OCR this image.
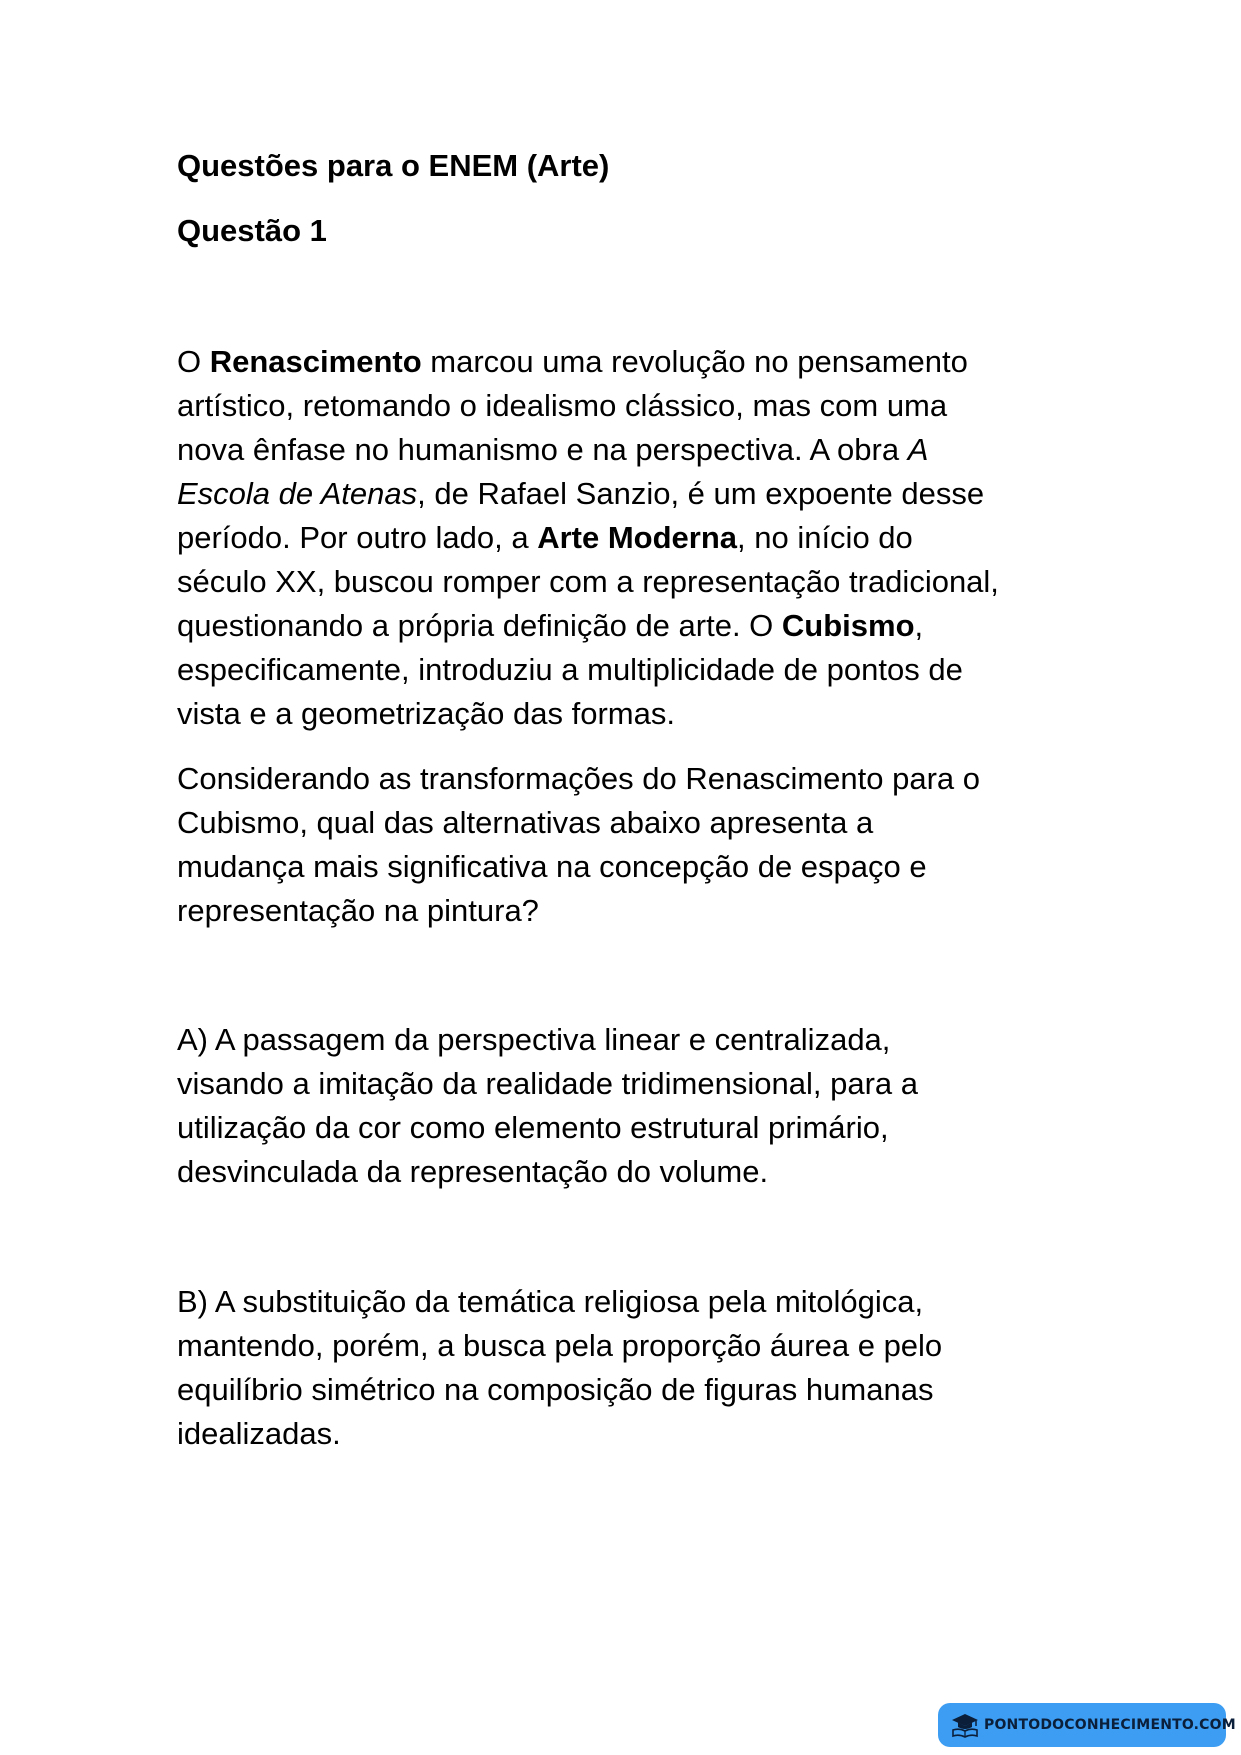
Questões para o ENEM (Arte)
Questão 1

O Renascimento marcou uma revolução no pensamento
artístico, retomando o idealismo clássico, mas com uma
nova ênfase no humanismo e na perspectiva. A obra A
Escola de Atenas, de Rafael Sanzio, é um expoente desse
período. Por outro lado, a Arte Moderna, no início do
século XX, buscou romper com a representação tradicional,
questionando a própria definição de arte. O Cubismo,
especificamente, introduziu a multiplicidade de pontos de
vista e a geometrização das formas.

Considerando as transformações do Renascimento para o
Cubismo, qual das alternativas abaixo apresenta a
mudança mais significativa na concepção de espaço e
representação na pintura?

A) A passagem da perspectiva linear e centralizada,
visando a imitação da realidade tridimensional, para a
utilização da cor como elemento estrutural primário,
desvinculada da representação do volume.

B) A substituição da temática religiosa pela mitológica,
mantendo, porém, a busca pela proporção áurea e pelo
equilíbrio simétrico na composição de figuras humanas
idealizadas.

PONTODOCONHECIMENTO.COM
